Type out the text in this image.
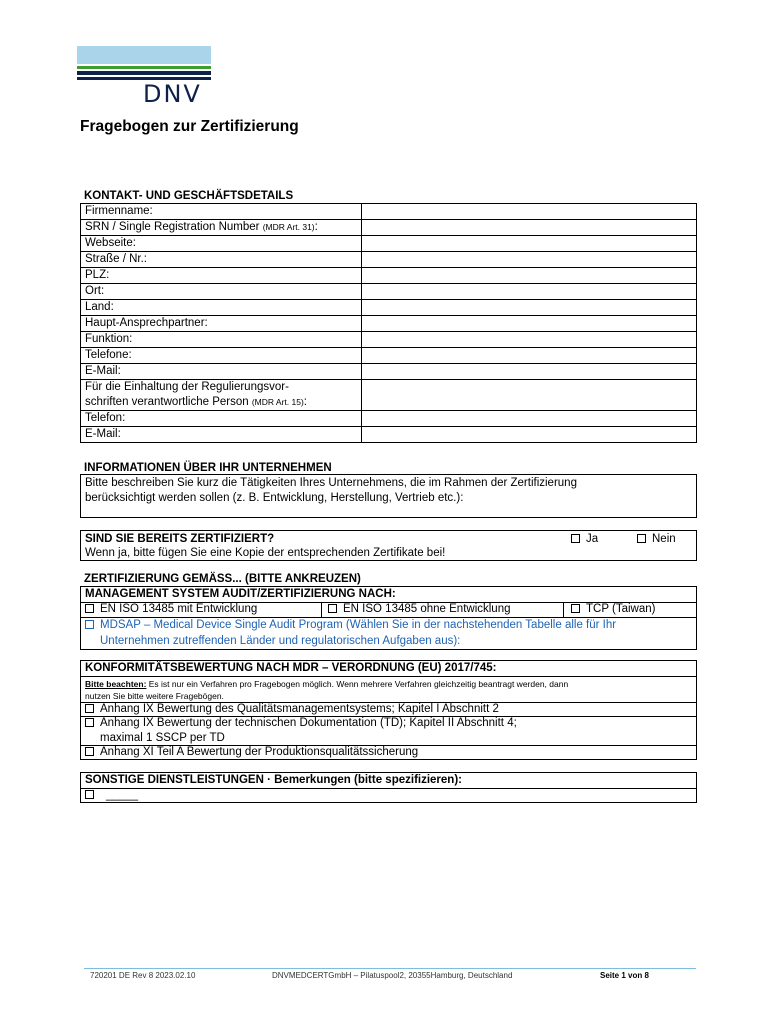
DNV
Fragebogen zur Zertifizierung
KONTAKT- UND GESCHÄFTSDETAILS
Firmenname:	
SRN / Single Registration Number (MDR Art. 31):	
Webseite:	
Straße / Nr.:	
PLZ:	
Ort:	
Land:	
Haupt-Ansprechpartner:	
Funktion:	
Telefone:	
E-Mail:	
Für die Einhaltung der Regulierungsvor-
schriften verantwortliche Person (MDR Art. 15):	
Telefon:	
E-Mail:	
INFORMATIONEN ÜBER IHR UNTERNEHMEN
Bitte beschreiben Sie kurz die Tätigkeiten Ihres Unternehmens, die im Rahmen der Zertifizierung
berücksichtigt werden sollen (z. B. Entwicklung, Herstellung, Vertrieb etc.):
SIND SIE BEREITS ZERTIFIZIERT?	Ja	Nein
Wenn ja, bitte fügen Sie eine Kopie der entsprechenden Zertifikate bei!
ZERTIFIZIERUNG GEMÄSS... (BITTE ANKREUZEN)
MANAGEMENT SYSTEM AUDIT/ZERTIFIZIERUNG NACH:
EN ISO 13485 mit Entwicklung	EN ISO 13485 ohne Entwicklung	TCP (Taiwan)
MDSAP – Medical Device Single Audit Program (Wählen Sie in der nachstehenden Tabelle alle für Ihr
Unternehmen zutreffenden Länder und regulatorischen Aufgaben aus):
KONFORMITÄTSBEWERTUNG NACH MDR – VERORDNUNG (EU) 2017/745:
Bitte beachten: Es ist nur ein Verfahren pro Fragebogen möglich. Wenn mehrere Verfahren gleichzeitig beantragt werden, dann
nutzen Sie bitte weitere Fragebögen.
Anhang IX Bewertung des Qualitätsmanagementsystems; Kapitel I Abschnitt 2
Anhang IX Bewertung der technischen Dokumentation (TD); Kapitel II Abschnitt 4;
maximal 1 SSCP per TD
Anhang XI Teil A Bewertung der Produktionsqualitätssicherung
SONSTIGE DIENSTLEISTUNGEN · Bemerkungen (bitte spezifizieren):
_____
720201 DE Rev 8 2023.02.10	DNVMEDCERTGmbH – Pilatuspool2, 20355Hamburg, Deutschland	Seite 1 von 8
